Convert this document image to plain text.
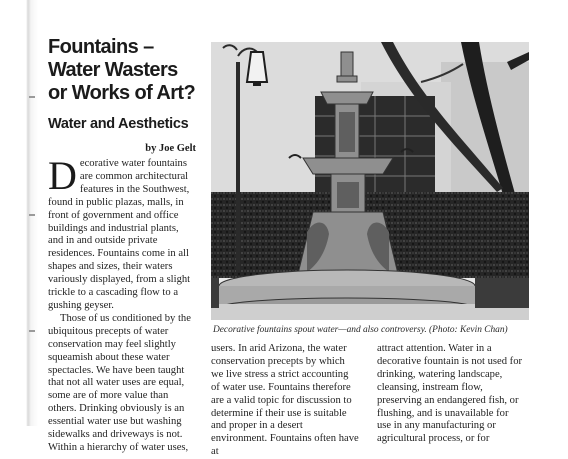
Fountains –
Water Wasters
or Works of Art?
Water and Aesthetics
by Joe Gelt

Decorative water fountains are common architectural features in the Southwest, found in public plazas, malls, in front of government and office buildings and industrial plants, and in and outside private residences. Fountains come in all shapes and sizes, their waters variously displayed, from a slight trickle to a cascading flow to a gushing geyser.

Those of us conditioned by the ubiquitous precepts of water conservation may feel slightly squeamish about these water spectacles. We have been taught that not all water uses are equal, some are of more value than others. Drinking obviously is an essential water use but washing sidewalks and driveways is not. Within a hierarchy of water uses,

Decorative fountains spout water—and also controversy. (Photo: Kevin Chan)

users. In arid Arizona, the water conservation precepts by which we live stress a strict accounting of water use. Fountains therefore are a valid topic for discussion to determine if their use is suitable and proper in a desert environment. Fountains often have at

attract attention. Water in a decorative fountain is not used for drinking, watering landscape, cleansing, instream flow, preserving an endangered fish, or flushing, and is unavailable for use in any manufacturing or agricultural process, or for
